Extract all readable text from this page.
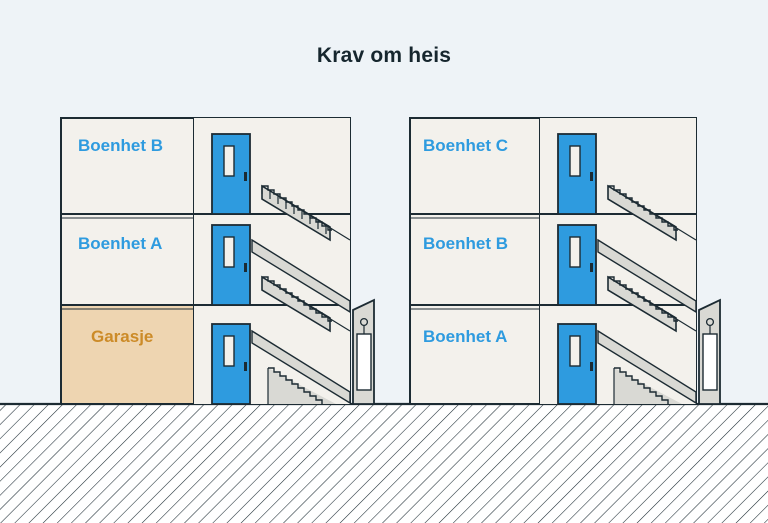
Krav om heis
Boenhet B
Boenhet A
Garasje
Boenhet C
Boenhet B
Boenhet A
